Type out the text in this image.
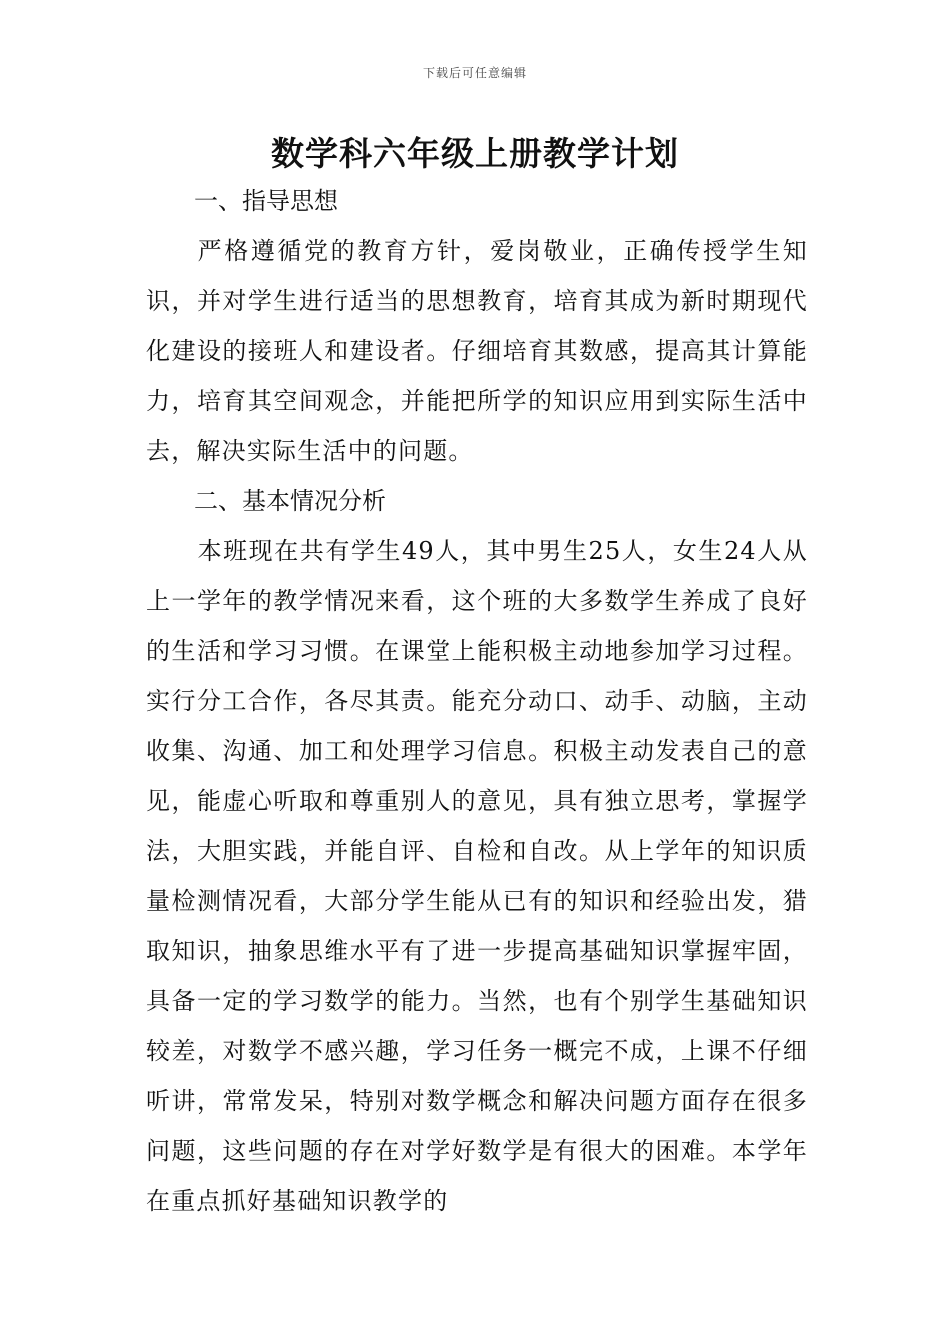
下载后可任意编辑
数学科六年级上册教学计划
一、指导思想

严格遵循党的教育方针，爱岗敬业，正确传授学生知识，并对学生进行适当的思想教育，培育其成为新时期现代化建设的接班人和建设者。仔细培育其数感，提高其计算能力，培育其空间观念，并能把所学的知识应用到实际生活中去，解决实际生活中的问题。

二、基本情况分析

本班现在共有学生49人，其中男生25人，女生24人从上一学年的教学情况来看，这个班的大多数学生养成了良好的生活和学习习惯。在课堂上能积极主动地参加学习过程。实行分工合作，各尽其责。能充分动口、动手、动脑，主动收集、沟通、加工和处理学习信息。积极主动发表自己的意见，能虚心听取和尊重别人的意见，具有独立思考，掌握学法，大胆实践，并能自评、自检和自改。从上学年的知识质量检测情况看，大部分学生能从已有的知识和经验出发，猎取知识，抽象思维水平有了进一步提高基础知识掌握牢固，具备一定的学习数学的能力。当然，也有个别学生基础知识较差，对数学不感兴趣，学习任务一概完不成，上课不仔细听讲，常常发呆，特别对数学概念和解决问题方面存在很多问题，这些问题的存在对学好数学是有很大的困难。本学年在重点抓好基础知识教学的
